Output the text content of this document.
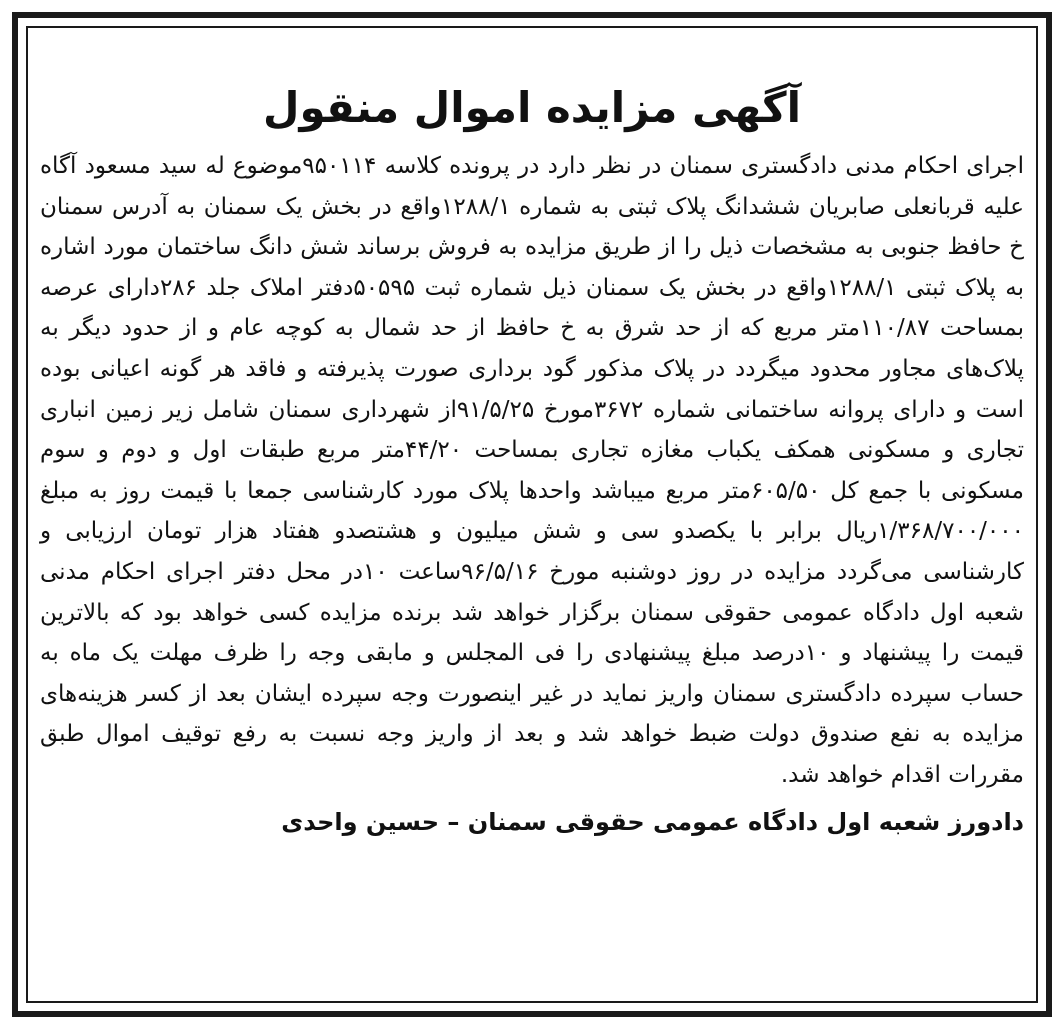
آگهی مزایده اموال منقول

اجرای احکام مدنی دادگستری سمنان در نظر دارد در پرونده کلاسه ۹۵۰۱۱۴موضوع له سید مسعود آگاه علیه قربانعلی صابریان ششدانگ پلاک ثبتی به شماره ۱۲۸۸/۱واقع در بخش یک سمنان به آدرس سمنان خ حافظ جنوبی به مشخصات ذیل را از طریق مزایده به فروش برساند شش دانگ ساختمان مورد اشاره به پلاک ثبتی ۱۲۸۸/۱واقع در بخش یک سمنان ذیل شماره ثبت ۵۰۵۹۵دفتر املاک جلد ۲۸۶دارای عرصه بمساحت ۱۱۰/۸۷متر مربع که از حد شرق به خ حافظ از حد شمال به کوچه عام و از حدود دیگر به پلاک‌های مجاور محدود میگردد در پلاک مذکور گود برداری صورت پذیرفته و فاقد هر گونه اعیانی بوده است و دارای پروانه ساختمانی شماره ۳۶۷۲مورخ ۹۱/۵/۲۵از شهرداری سمنان شامل زیر زمین انباری تجاری و مسکونی همکف یکباب مغازه تجاری بمساحت ۴۴/۲۰متر مربع طبقات اول و دوم و سوم مسکونی با جمع کل ۶۰۵/۵۰متر مربع میباشد واحدها پلاک مورد کارشناسی جمعا با قیمت روز به مبلغ ۱/۳۶۸/۷۰۰/۰۰۰ریال برابر با یکصدو سی و شش میلیون و هشتصدو هفتاد هزار تومان ارزیابی و کارشناسی می‌گردد مزایده در روز دوشنبه مورخ ۹۶/۵/۱۶ساعت ۱۰در محل دفتر اجرای احکام مدنی شعبه اول دادگاه عمومی حقوقی سمنان برگزار خواهد شد برنده مزایده کسی خواهد بود که بالاترین قیمت را پیشنهاد و ۱۰درصد مبلغ پیشنهادی را فی المجلس و مابقی وجه را ظرف مهلت یک ماه به حساب سپرده دادگستری سمنان واریز نماید در غیر اینصورت وجه سپرده ایشان بعد از کسر هزینه‌های مزایده به نفع صندوق دولت ضبط خواهد شد و بعد از واریز وجه نسبت به رفع توقیف اموال طبق مقررات اقدام خواهد شد.

دادورز شعبه اول دادگاه عمومی حقوقی سمنان – حسین واحدی
